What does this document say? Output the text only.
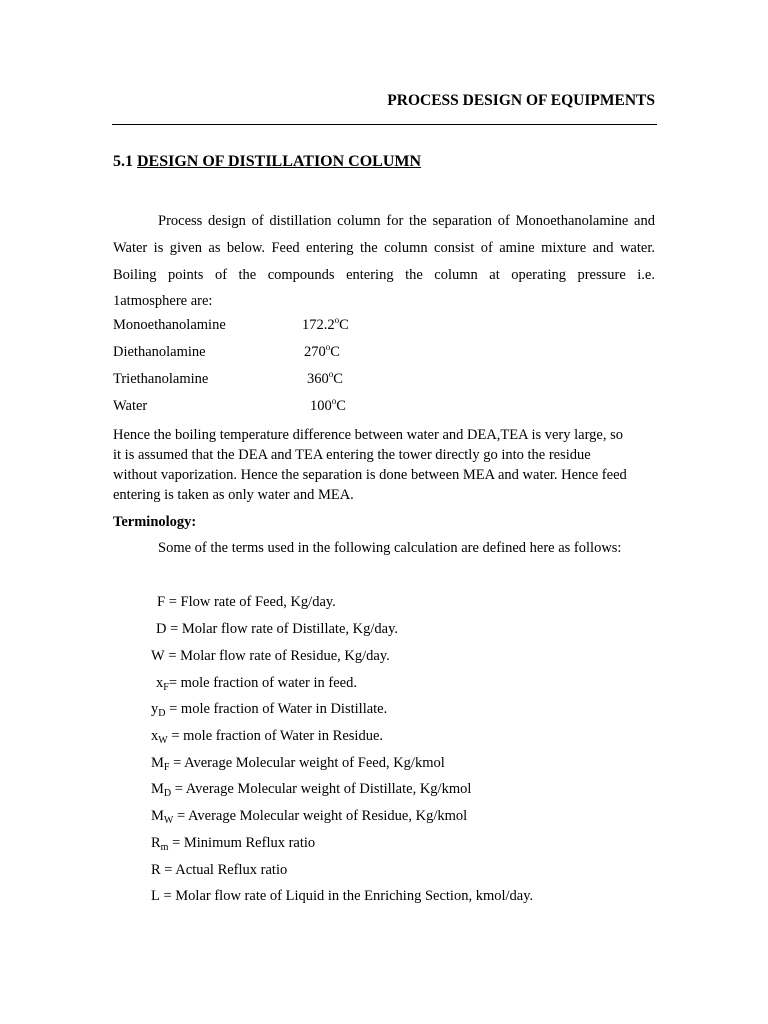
PROCESS DESIGN OF EQUIPMENTS
5.1 DESIGN OF DISTILLATION COLUMN

Process design of distillation column for the separation of Monoethanolamine and

Water is given as below. Feed entering the column consist of amine mixture and water.

Boiling points of the compounds entering the column at operating pressure i.e.

1atmosphere are:

Monoethanolamine	172.2$^o$C
Diethanolamine	270$^o$C
Triethanolamine	360$^o$C
Water	100$^o$C
Hence the boiling temperature difference between water and DEA,TEA is very large, so
it is assumed that the DEA and TEA entering the tower directly go into the residue
without vaporization. Hence the separation is done between MEA and water. Hence feed
entering is taken as only water and MEA.
Terminology:
Some of the terms used in the following calculation are defined here as follows:
F = Flow rate of Feed, Kg/day.
D = Molar flow rate of Distillate, Kg/day.
W = Molar flow rate of Residue, Kg/day.
$x_F=$ mole fraction of water in feed.
$y_D$ = mole fraction of Water in Distillate.
$x_W$ = mole fraction of Water in Residue.
$M_F$ = Average Molecular weight of Feed, Kg/kmol
$M_D$ = Average Molecular weight of Distillate, Kg/kmol
$M_W$ = Average Molecular weight of Residue, Kg/kmol
$R_m$ = Minimum Reflux ratio
R = Actual Reflux ratio
L = Molar flow rate of Liquid in the Enriching Section, kmol/day.
